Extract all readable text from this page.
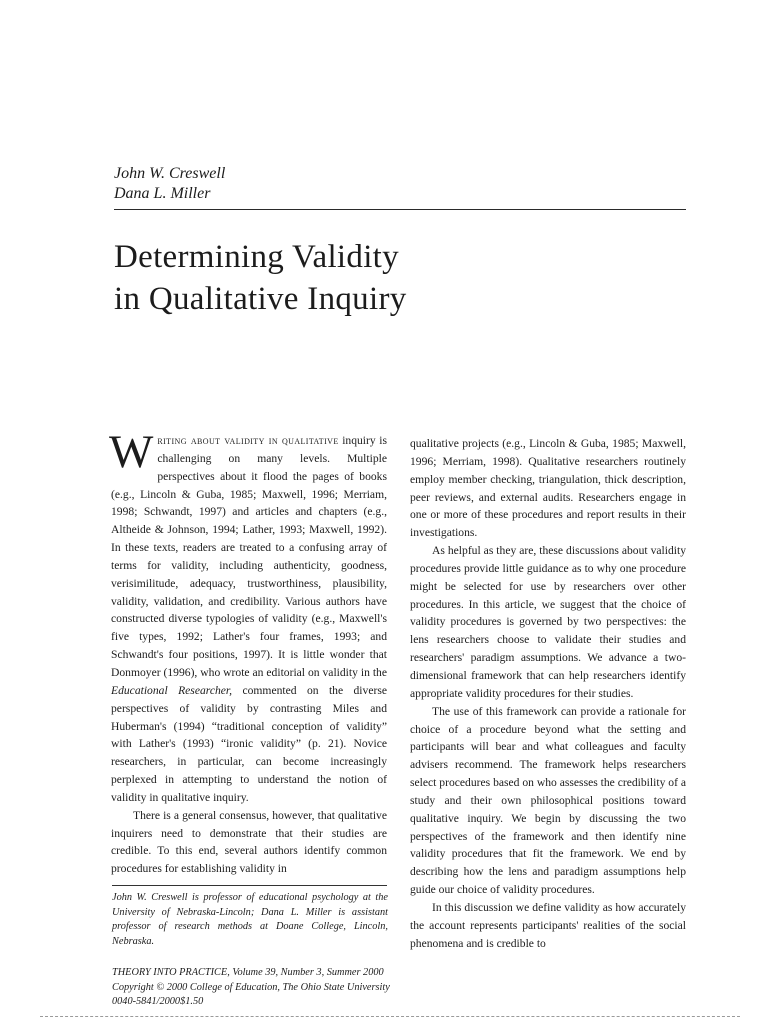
John W. Creswell
Dana L. Miller
Determining Validity
in Qualitative Inquiry

Writing about validity in qualitative inquiry is challenging on many levels. Multiple perspectives about it flood the pages of books (e.g., Lincoln & Guba, 1985; Maxwell, 1996; Merriam, 1998; Schwandt, 1997) and articles and chapters (e.g., Altheide & Johnson, 1994; Lather, 1993; Maxwell, 1992). In these texts, readers are treated to a confusing array of terms for validity, including authenticity, goodness, verisimilitude, adequacy, trustworthiness, plausibility, validity, validation, and credibility. Various authors have constructed diverse typologies of validity (e.g., Maxwell's five types, 1992; Lather's four frames, 1993; and Schwandt's four positions, 1997). It is little wonder that Donmoyer (1996), who wrote an editorial on validity in the Educational Researcher, commented on the diverse perspectives of validity by contrasting Miles and Huberman's (1994) “traditional conception of validity” with Lather's (1993) “ironic validity” (p. 21). Novice researchers, in particular, can become increasingly perplexed in attempting to understand the notion of validity in qualitative inquiry.

There is a general consensus, however, that qualitative inquirers need to demonstrate that their studies are credible. To this end, several authors identify common procedures for establishing validity in

qualitative projects (e.g., Lincoln & Guba, 1985; Maxwell, 1996; Merriam, 1998). Qualitative researchers routinely employ member checking, triangulation, thick description, peer reviews, and external audits. Researchers engage in one or more of these procedures and report results in their investigations.

As helpful as they are, these discussions about validity procedures provide little guidance as to why one procedure might be selected for use by researchers over other procedures. In this article, we suggest that the choice of validity procedures is governed by two perspectives: the lens researchers choose to validate their studies and researchers' paradigm assumptions. We advance a two-dimensional framework that can help researchers identify appropriate validity procedures for their studies.

The use of this framework can provide a rationale for choice of a procedure beyond what the setting and participants will bear and what colleagues and faculty advisers recommend. The framework helps researchers select procedures based on who assesses the credibility of a study and their own philosophical positions toward qualitative inquiry. We begin by discussing the two perspectives of the framework and then identify nine validity procedures that fit the framework. We end by describing how the lens and paradigm assumptions help guide our choice of validity procedures.

In this discussion we define validity as how accurately the account represents participants' realities of the social phenomena and is credible to

John W. Creswell is professor of educational psychology at the University of Nebraska-Lincoln; Dana L. Miller is assistant professor of research methods at Doane College, Lincoln, Nebraska.
THEORY INTO PRACTICE, Volume 39, Number 3, Summer 2000
Copyright © 2000 College of Education, The Ohio State University
0040-5841/2000$1.50
